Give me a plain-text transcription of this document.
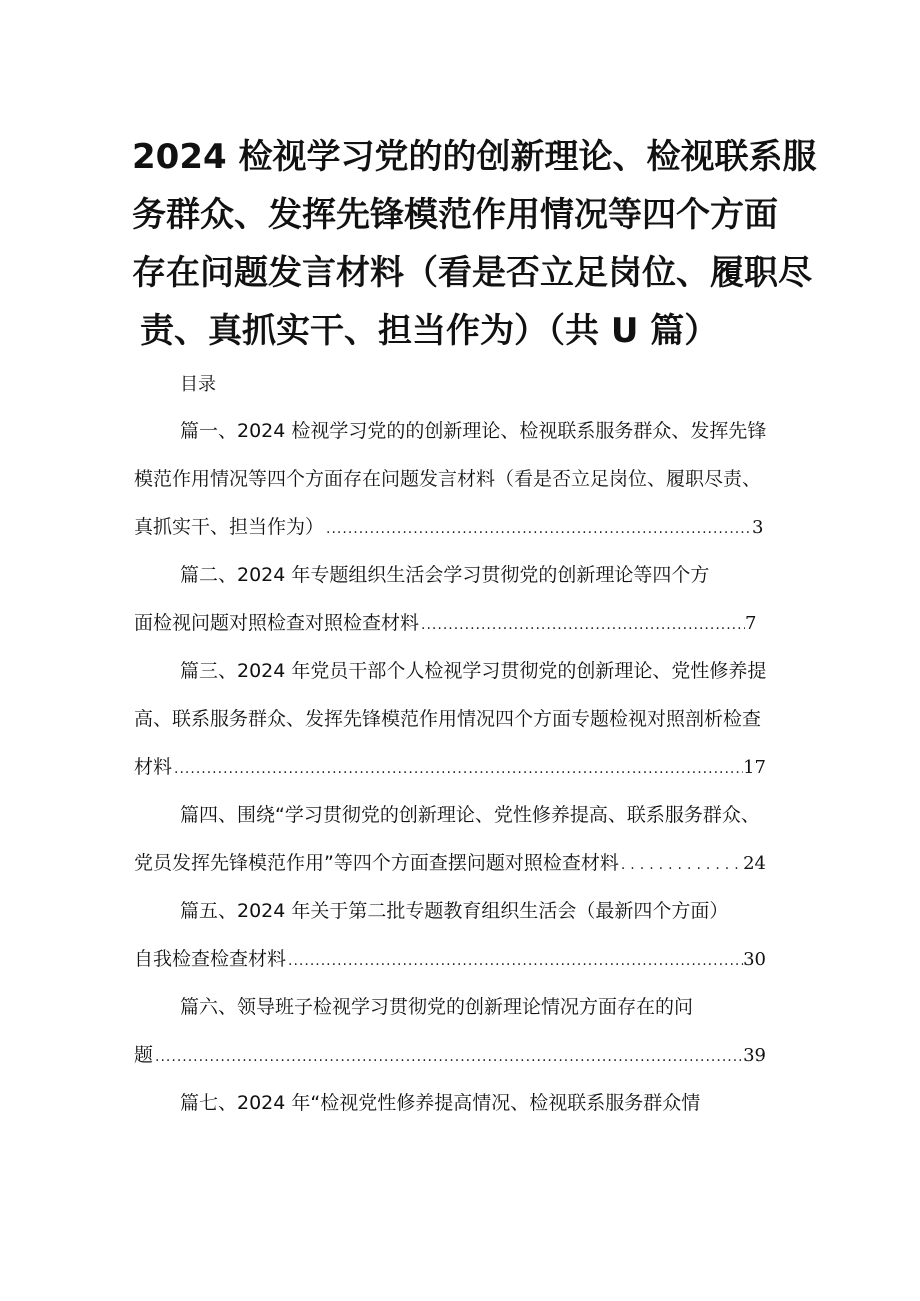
2024 检视学习党的的创新理论、检视联系服
务群众、发挥先锋模范作用情况等四个方面
存在问题发言材料（看是否立足岗位、履职尽
责、真抓实干、担当作为）（共 U 篇）
目录
篇一、2024 检视学习党的的创新理论、检视联系服务群众、发挥先锋
模范作用情况等四个方面存在问题发言材料（看是否立足岗位、履职尽责、
真抓实干、担当作为） .....	3
篇二、2024 年专题组织生活会学习贯彻党的创新理论等四个方
面检视问题对照检查对照检查材料 .....	7
篇三、2024 年党员干部个人检视学习贯彻党的创新理论、党性修养提
高、联系服务群众、发挥先锋模范作用情况四个方面专题检视对照剖析检查
材料 .....	17
篇四、围绕“学习贯彻党的创新理论、党性修养提高、联系服务群众、
党员发挥先锋模范作用”等四个方面查摆问题对照检查材料 .....	24
篇五、2024 年关于第二批专题教育组织生活会（最新四个方面）
自我检查检查材料 .....	30
篇六、领导班子检视学习贯彻党的创新理论情况方面存在的问
题 .....	39
篇七、2024 年“检视党性修养提高情况、检视联系服务群众情
